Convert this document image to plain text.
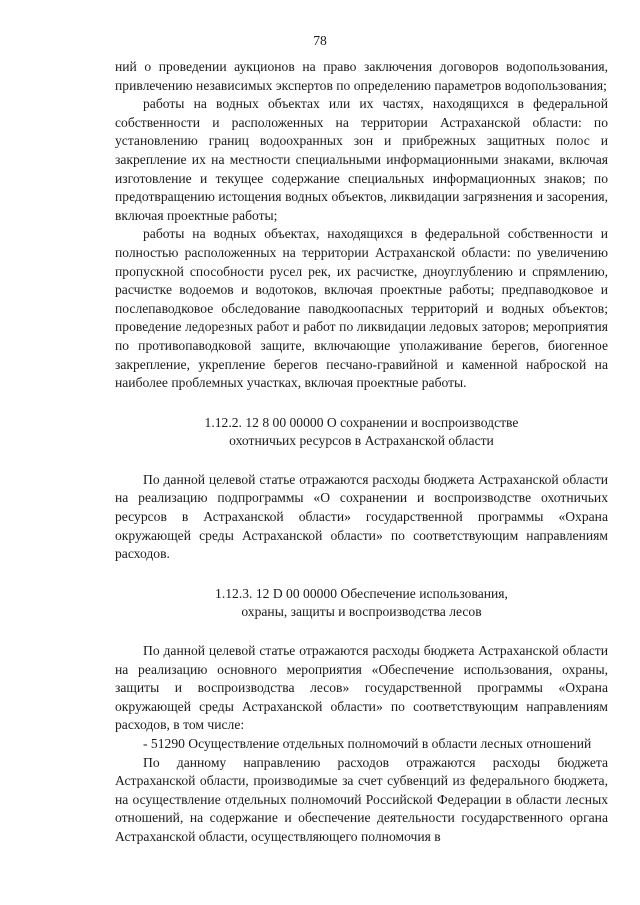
78

ний о проведении аукционов на право заключения договоров водопользования, привлечению независимых экспертов по определению параметров водопользования;

работы на водных объектах или их частях, находящихся в федеральной собственности и расположенных на территории Астраханской области: по установлению границ водоохранных зон и прибрежных защитных полос и закрепление их на местности специальными информационными знаками, включая изготовление и текущее содержание специальных информационных знаков; по предотвращению истощения водных объектов, ликвидации загрязнения и засорения, включая проектные работы;

работы на водных объектах, находящихся в федеральной собственности и полностью расположенных на территории Астраханской области: по увеличению пропускной способности русел рек, их расчистке, дноуглублению и спрямлению, расчистке водоемов и водотоков, включая проектные работы; предпаводковое и послепаводковое обследование паводкоопасных территорий и водных объектов; проведение ледорезных работ и работ по ликвидации ледовых заторов; мероприятия по противопаводковой защите, включающие уполаживание берегов, биогенное закрепление, укрепление берегов песчано-гравийной и каменной наброской на наиболее проблемных участках, включая проектные работы.

1.12.2. 12 8 00 00000 О сохранении и воспроизводстве
охотничьих ресурсов в Астраханской области

По данной целевой статье отражаются расходы бюджета Астраханской области на реализацию подпрограммы «О сохранении и воспроизводстве охотничьих ресурсов в Астраханской области» государственной программы «Охрана окружающей среды Астраханской области» по соответствующим направлениям расходов.

1.12.3. 12 D 00 00000 Обеспечение использования,
охраны, защиты и воспроизводства лесов

По данной целевой статье отражаются расходы бюджета Астраханской области на реализацию основного мероприятия «Обеспечение использования, охраны, защиты и воспроизводства лесов» государственной программы «Охрана окружающей среды Астраханской области» по соответствующим направлениям расходов, в том числе:

- 51290 Осуществление отдельных полномочий в области лесных отношений

По данному направлению расходов отражаются расходы бюджета Астраханской области, производимые за счет субвенций из федерального бюджета, на осуществление отдельных полномочий Российской Федерации в области лесных отношений, на содержание и обеспечение деятельности государственного органа Астраханской области, осуществляющего полномочия в
